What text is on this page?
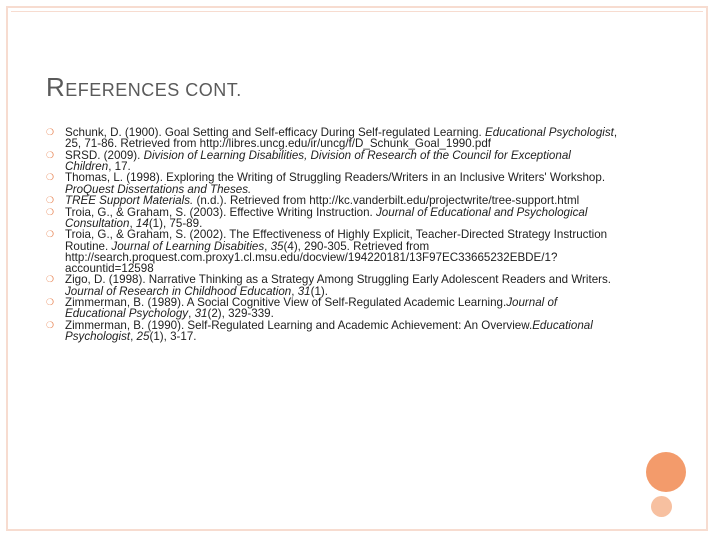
REFERENCES CONT.
❍ Schunk, D. (1900). Goal Setting and Self-efficacy During Self-regulated Learning. Educational Psychologist, 25, 71-86. Retrieved from http://libres.uncg.edu/ir/uncg/f/D_Schunk_Goal_1990.pdf
❍ SRSD. (2009). Division of Learning Disabilities, Division of Research of the Council for Exceptional Children, 17.
❍ Thomas, L. (1998). Exploring the Writing of Struggling Readers/Writers in an Inclusive Writers' Workshop. ProQuest Dissertations and Theses.
❍ TREE Support Materials. (n.d.). Retrieved from http://kc.vanderbilt.edu/projectwrite/tree-support.html
❍ Troia, G., & Graham, S. (2003). Effective Writing Instruction. Journal of Educational and Psychological Consultation, 14(1), 75-89.
❍ Troia, G., & Graham, S. (2002). The Effectiveness of Highly Explicit, Teacher-Directed Strategy Instruction Routine. Journal of Learning Disabities, 35(4), 290-305. Retrieved from http://search.proquest.com.proxy1.cl.msu.edu/docview/194220181/13F97EC33665232EBDE/1?accountid=12598
❍ Zigo, D. (1998). Narrative Thinking as a Strategy Among Struggling Early Adolescent Readers and Writers. Journal of Research in Childhood Education, 31(1).
❍ Zimmerman, B. (1989). A Social Cognitive View of Self-Regulated Academic Learning.Journal of Educational Psychology, 31(2), 329-339.
❍ Zimmerman, B. (1990). Self-Regulated Learning and Academic Achievement: An Overview.Educational Psychologist, 25(1), 3-17.
